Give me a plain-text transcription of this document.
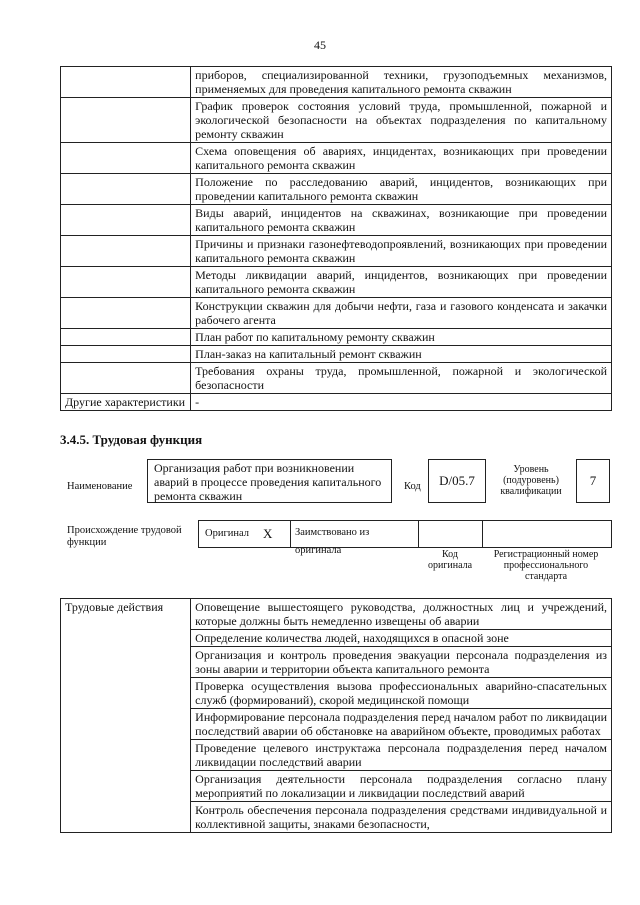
45
	приборов, специализированной техники, грузоподъемных механизмов, применяемых для проведения капитального ремонта скважин
	График проверок состояния условий труда, промышленной, пожарной и экологической безопасности на объектах подразделения по капитальному ремонту скважин
	Схема оповещения об авариях, инцидентах, возникающих при проведении капитального ремонта скважин
	Положение по расследованию аварий, инцидентов, возникающих при проведении капитального ремонта скважин
	Виды аварий, инцидентов на скважинах, возникающие при проведении капитального ремонта скважин
	Причины и признаки газонефтеводопроявлений, возникающих при проведении капитального ремонта скважин
	Методы ликвидации аварий, инцидентов, возникающих при проведении капитального ремонта скважин
	Конструкции скважин для добычи нефти, газа и газового конденсата и закачки рабочего агента
	План работ по капитальному ремонту скважин
	План-заказ на капитальный ремонт скважин
	Требования охраны труда, промышленной, пожарной и экологической безопасности
Другие характеристики	-
3.4.5. Трудовая функция
Наименование
Организация работ при возникновении аварий в процессе проведения капитального ремонта скважин
Код D/05.7
Уровень (подуровень) квалификации
7
Происхождение трудовой функции
Оригинал X	Заимствовано из оригинала	Код оригинала
Регистрационный номер профессионального стандарта
Трудовые действия	Оповещение вышестоящего руководства, должностных лиц и учреждений, которые должны быть немедленно извещены об аварии
Определение количества людей, находящихся в опасной зоне
Организация и контроль проведения эвакуации персонала подразделения из зоны аварии и территории объекта капитального ремонта
Проверка осуществления вызова профессиональных аварийно-спасательных служб (формирований), скорой медицинской помощи
Информирование персонала подразделения перед началом работ по ликвидации последствий аварии об обстановке на аварийном объекте, проводимых работах
Проведение целевого инструктажа персонала подразделения перед началом ликвидации последствий аварии
Организация деятельности персонала подразделения согласно плану мероприятий по локализации и ликвидации последствий аварий
Контроль обеспечения персонала подразделения средствами индивидуальной и коллективной защиты, знаками безопасности,
